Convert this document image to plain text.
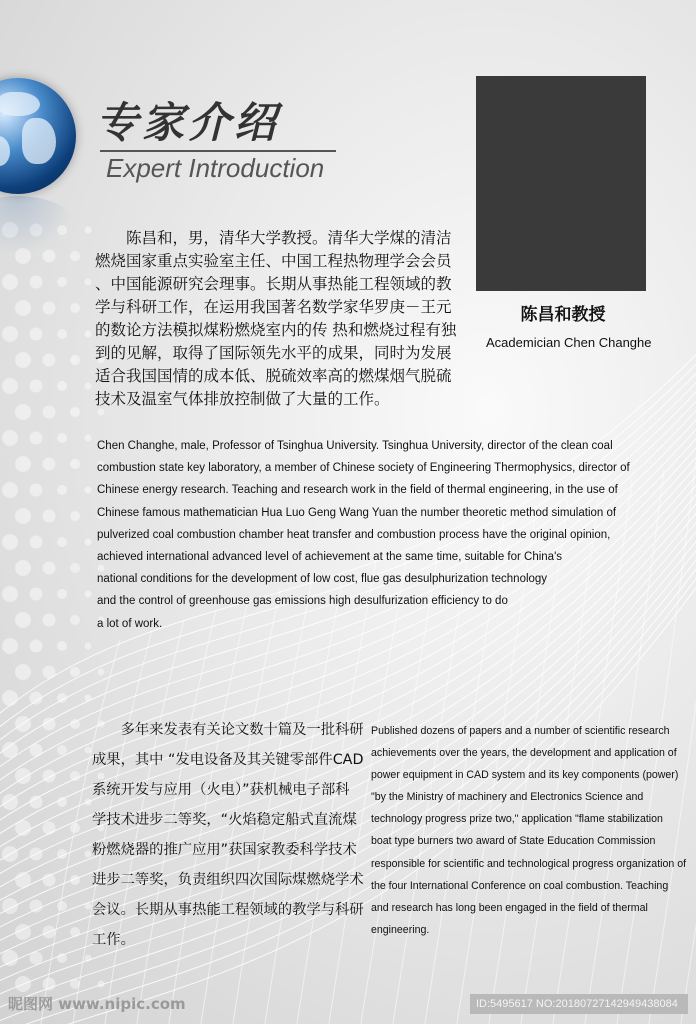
专家介绍
Expert Introduction
陈昌和教授
Academician Chen Changhe
　　陈昌和，男，清华大学教授。清华大学煤的清洁
燃烧国家重点实验室主任、中国工程热物理学会会员
、中国能源研究会理事。长期从事热能工程领域的教
学与科研工作，在运用我国著名数学家华罗庚－王元
的数论方法模拟煤粉燃烧室内的传 热和燃烧过程有独
到的见解，取得了国际领先水平的成果，同时为发展
适合我国国情的成本低、脱硫效率高的燃煤烟气脱硫
技术及温室气体排放控制做了大量的工作。
Chen Changhe, male, Professor of Tsinghua University. Tsinghua University, director of the clean coal
combustion state key laboratory, a member of Chinese society of Engineering Thermophysics, director of
Chinese energy research. Teaching and research work in the field of thermal engineering, in the use of
Chinese famous mathematician Hua Luo Geng Wang Yuan the number theoretic method simulation of
pulverized coal combustion chamber heat transfer and combustion process have the original opinion,
achieved international advanced level of achievement at the same time, suitable for China's
national conditions for the development of low cost, flue gas desulphurization technology
and the control of greenhouse gas emissions high desulfurization efficiency to do
a lot of work.
　　多年来发表有关论文数十篇及一批科研
成果，其中 “发电设备及其关键零部件CAD
系统开发与应用（火电）”获机械电子部科
学技术进步二等奖，“火焰稳定船式直流煤
粉燃烧器的推广应用”获国家教委科学技术
进步二等奖，负责组织四次国际煤燃烧学术
会议。长期从事热能工程领域的教学与科研
工作。
Published dozens of papers and a number of scientific research
achievements over the years, the development and application of
power equipment in CAD system and its key components (power)
"by the Ministry of machinery and Electronics Science and
technology progress prize two," application "flame stabilization
boat type burners two award of State Education Commission
responsible for scientific and technological progress organization of
the four International Conference on coal combustion. Teaching
and research has long been engaged in the field of thermal
engineering.
昵图网 www.nipic.com	ID:5495617 NO:20180727142949438084
